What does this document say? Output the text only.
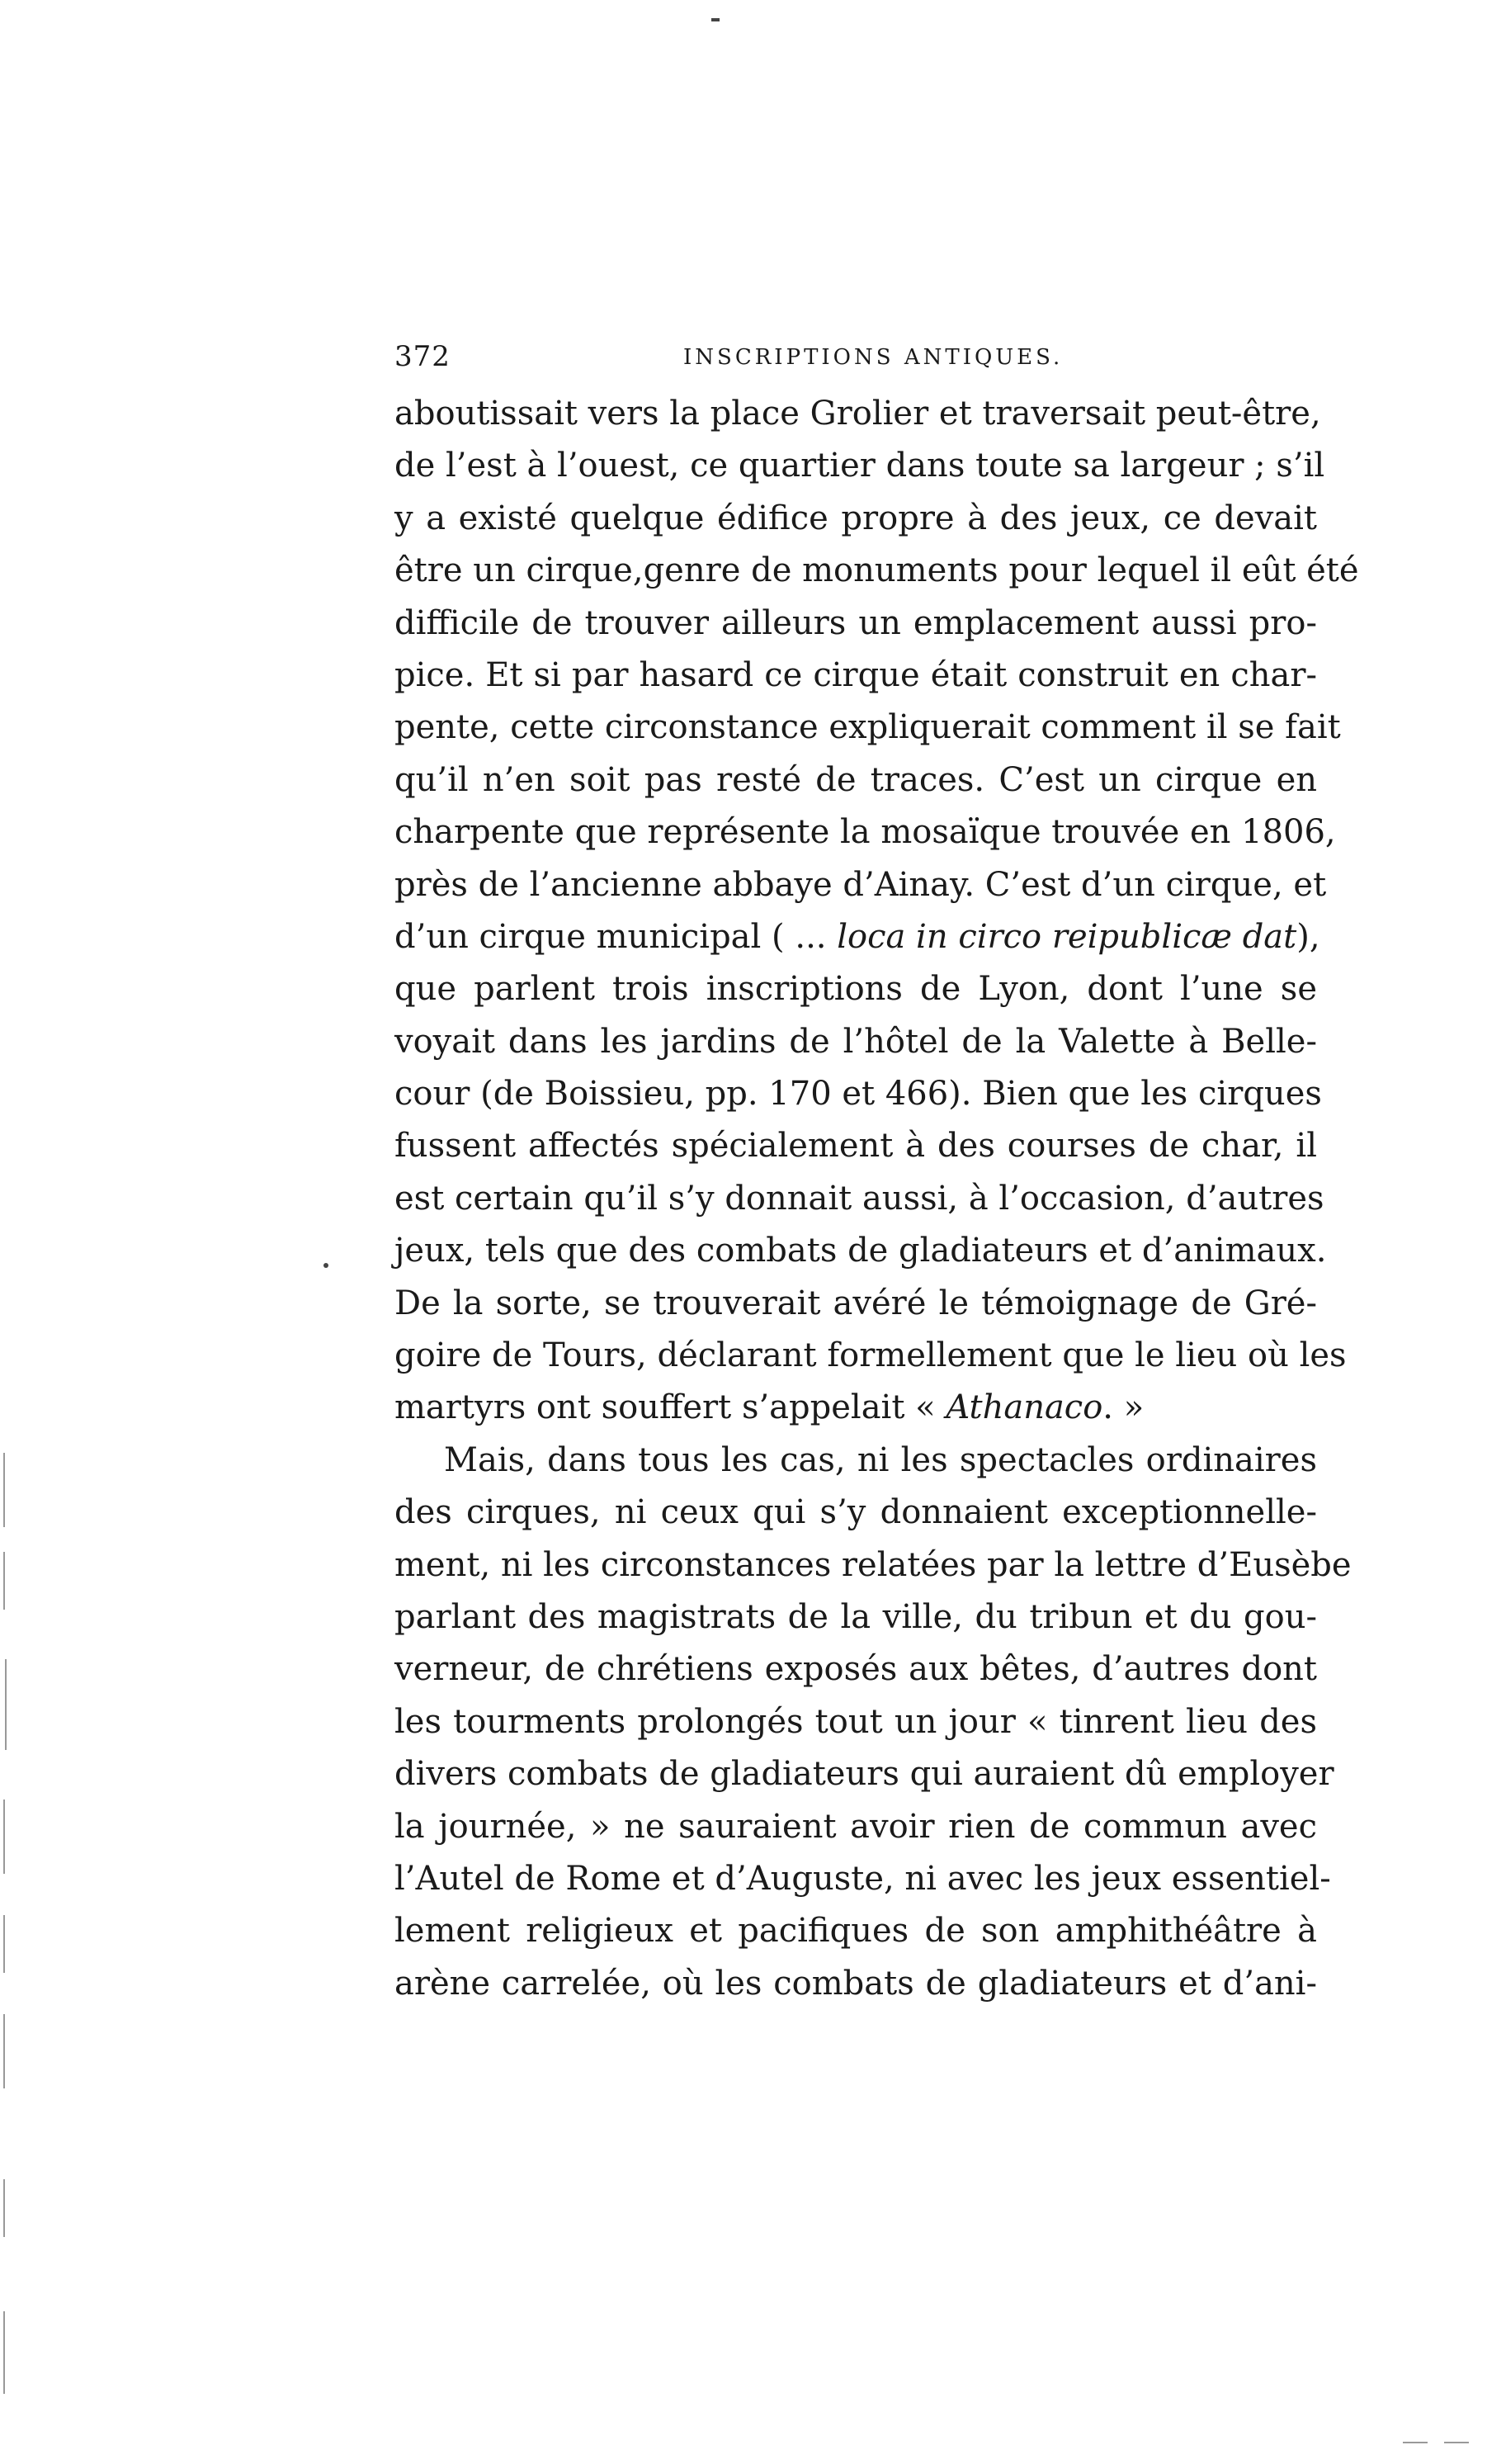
372	INSCRIPTIONS ANTIQUES.
aboutissait vers la place Grolier et traversait peut-être,
de l’est à l’ouest, ce quartier dans toute sa largeur ; s’il
y a existé quelque édifice propre à des jeux, ce devait
être un cirque,genre de monuments pour lequel il eût été
difficile de trouver ailleurs un emplacement aussi pro-
pice. Et si par hasard ce cirque était construit en char-
pente, cette circonstance expliquerait comment il se fait
qu’il n’en soit pas resté de traces. C’est un cirque en
charpente que représente la mosaïque trouvée en 1806,
près de l’ancienne abbaye d’Ainay. C’est d’un cirque, et
d’un cirque municipal ( ... loca in circo reipublicæ dat),
que parlent trois inscriptions de Lyon, dont l’une se
voyait dans les jardins de l’hôtel de la Valette à Belle-
cour (de Boissieu, pp. 170 et 466). Bien que les cirques
fussent affectés spécialement à des courses de char, il
est certain qu’il s’y donnait aussi, à l’occasion, d’autres
jeux, tels que des combats de gladiateurs et d’animaux.
De la sorte, se trouverait avéré le témoignage de Gré-
goire de Tours, déclarant formellement que le lieu où les
martyrs ont souffert s’appelait « Athanaco. »
Mais, dans tous les cas, ni les spectacles ordinaires
des cirques, ni ceux qui s’y donnaient exceptionnelle-
ment, ni les circonstances relatées par la lettre d’Eusèbe
parlant des magistrats de la ville, du tribun et du gou-
verneur, de chrétiens exposés aux bêtes, d’autres dont
les tourments prolongés tout un jour « tinrent lieu des
divers combats de gladiateurs qui auraient dû employer
la journée, » ne sauraient avoir rien de commun avec
l’Autel de Rome et d’Auguste, ni avec les jeux essentiel-
lement religieux et pacifiques de son amphithéâtre à
arène carrelée, où les combats de gladiateurs et d’ani-
